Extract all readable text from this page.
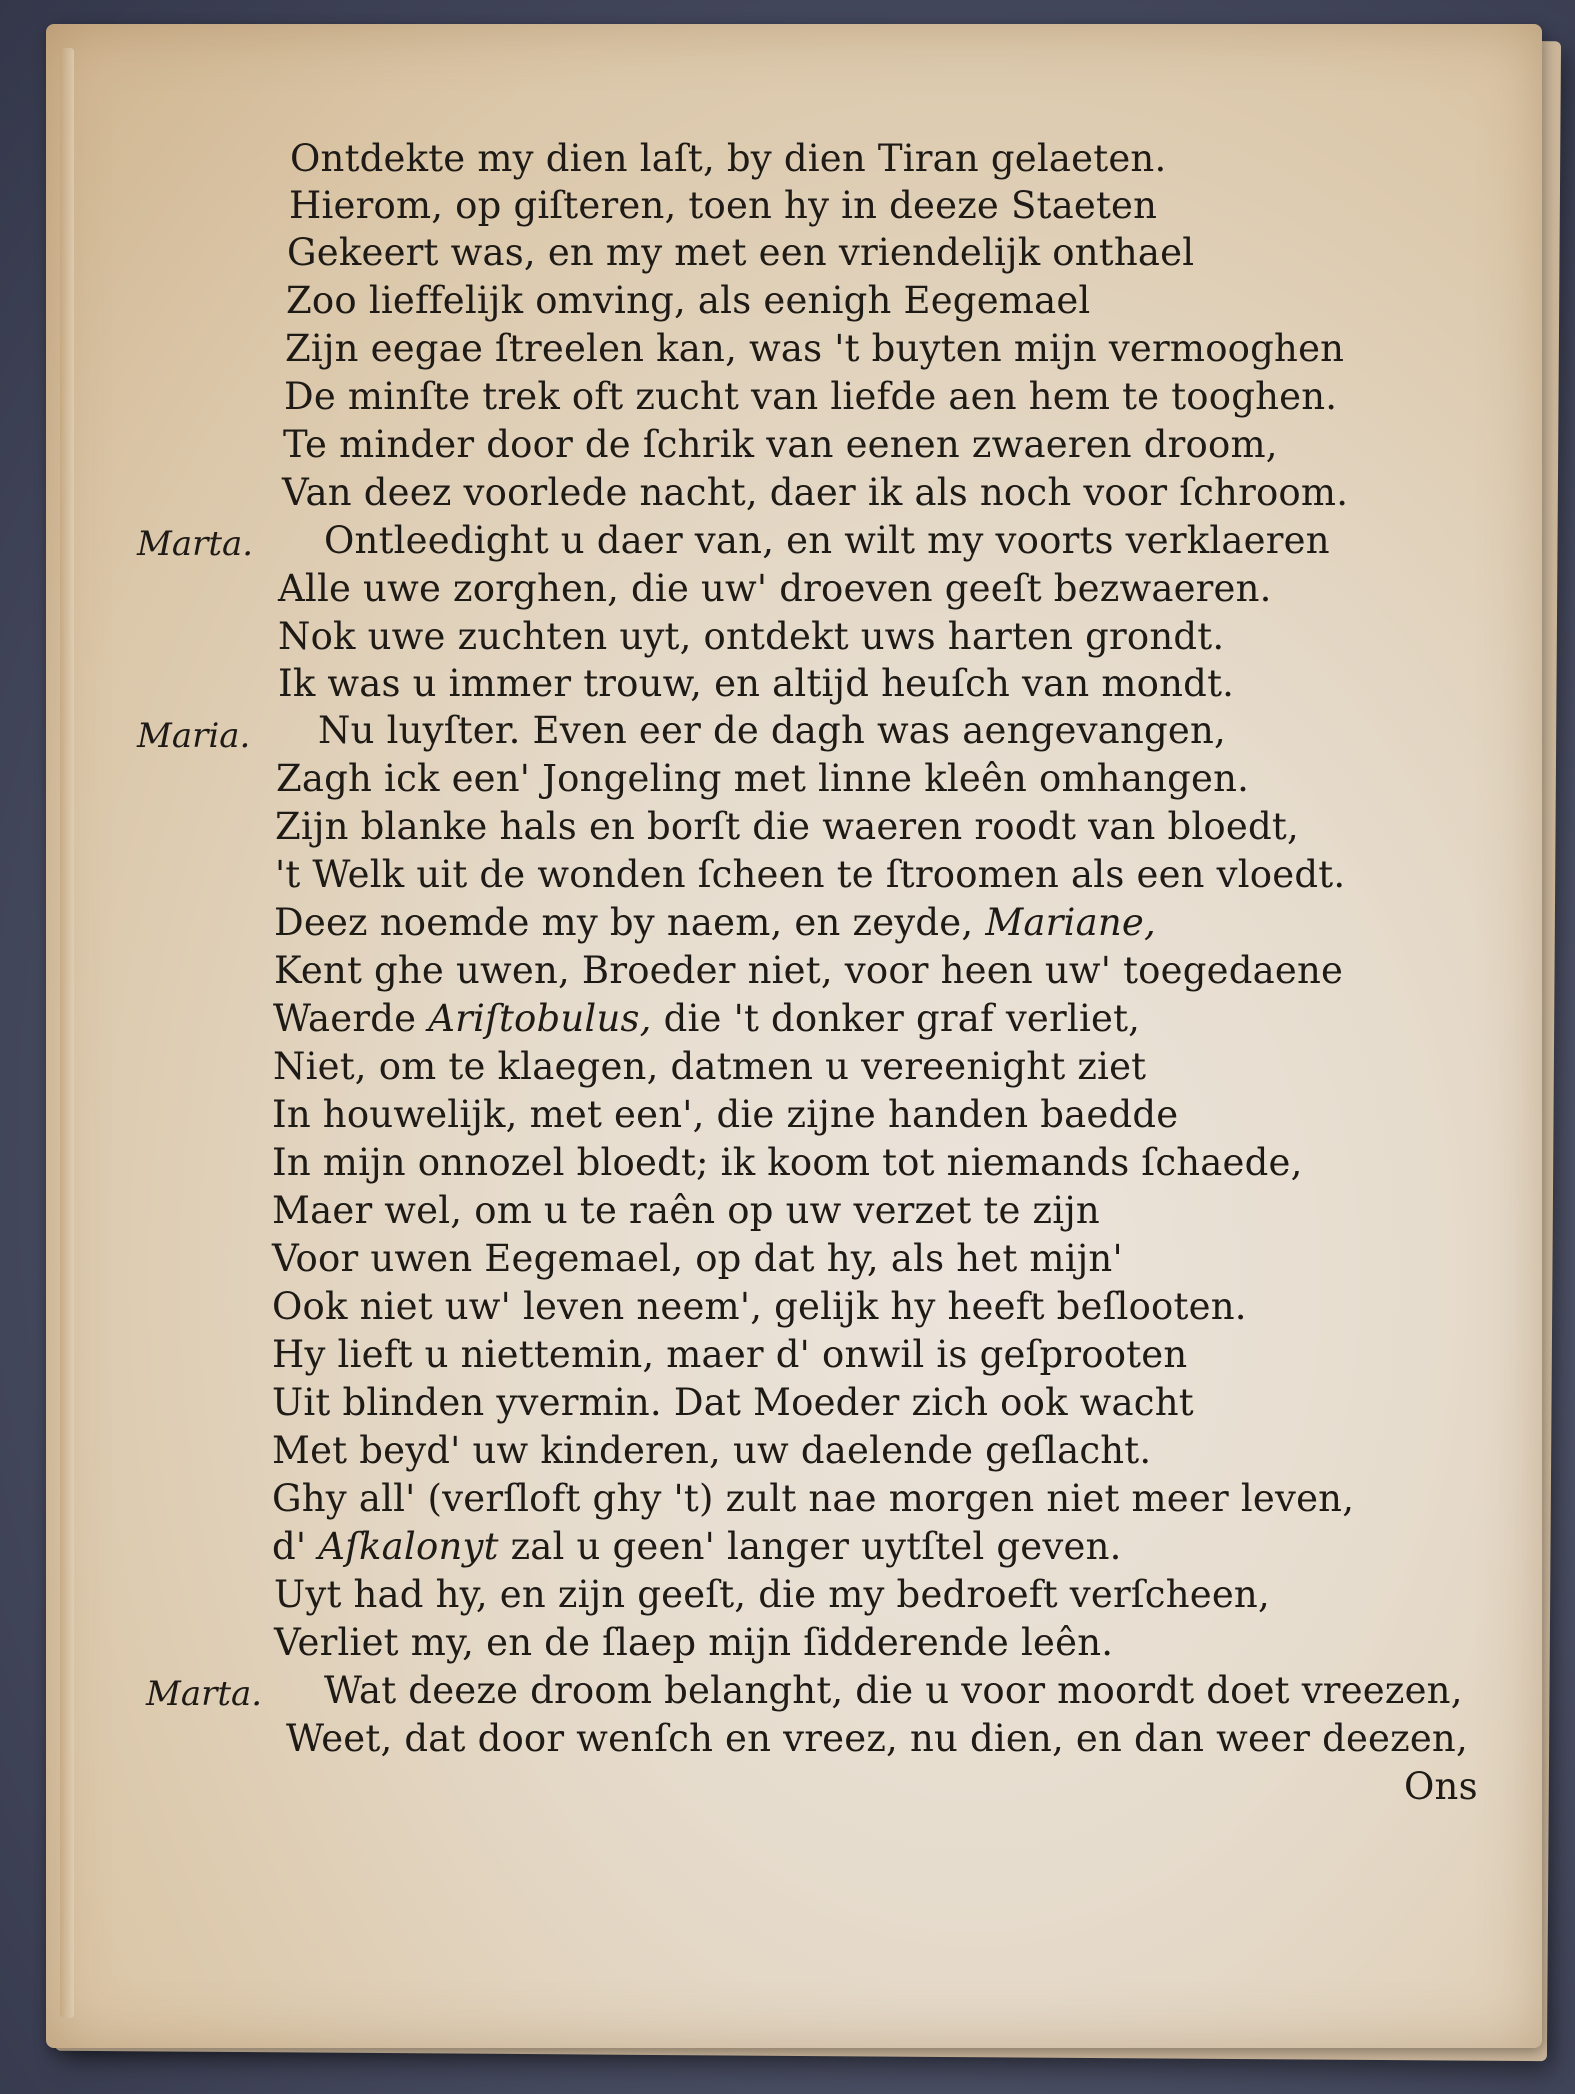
Ontdekte my dien laſt, by dien Tiran gelaeten.
Hierom, op giſteren, toen hy in deeze Staeten
Gekeert was, en my met een vriendelijk onthael
Zoo lieffelijk omving, als eenigh Eegemael
Zijn eegae ſtreelen kan, was 't buyten mijn vermooghen
De minſte trek oft zucht van liefde aen hem te tooghen.
Te minder door de ſchrik van eenen zwaeren droom,
Van deez voorlede nacht, daer ik als noch voor ſchroom.
Marta. Ontleedight u daer van, en wilt my voorts verklaeren
Alle uwe zorghen, die uw' droeven geeſt bezwaeren.
Nok uwe zuchten uyt, ontdekt uws harten grondt.
Ik was u immer trouw, en altijd heuſch van mondt.
Maria. Nu luyſter. Even eer de dagh was aengevangen,
Zagh ick een' Jongeling met linne kleên omhangen.
Zijn blanke hals en borſt die waeren roodt van bloedt,
't Welk uit de wonden ſcheen te ſtroomen als een vloedt.
Deez noemde my by naem, en zeyde, Mariane,
Kent ghe uwen, Broeder niet, voor heen uw' toegedaene
Waerde Ariſtobulus, die 't donker graf verliet,
Niet, om te klaegen, datmen u vereenight ziet
In houwelijk, met een', die zijne handen baedde
In mijn onnozel bloedt; ik koom tot niemands ſchaede,
Maer wel, om u te raên op uw verzet te zijn
Voor uwen Eegemael, op dat hy, als het mijn'
Ook niet uw' leven neem', gelijk hy heeft beſlooten.
Hy lieft u niettemin, maer d' onwil is geſprooten
Uit blinden yvermin. Dat Moeder zich ook wacht
Met beyd' uw kinderen, uw daelende geſlacht.
Ghy all' (verſloft ghy 't) zult nae morgen niet meer leven,
d' Aſkalonyt zal u geen' langer uytſtel geven.
Uyt had hy, en zijn geeſt, die my bedroeft verſcheen,
Verliet my, en de ſlaep mijn ſidderende leên.
Marta. Wat deeze droom belanght, die u voor moordt doet vreezen,
Weet, dat door wenſch en vreez, nu dien, en dan weer deezen,
Ons
